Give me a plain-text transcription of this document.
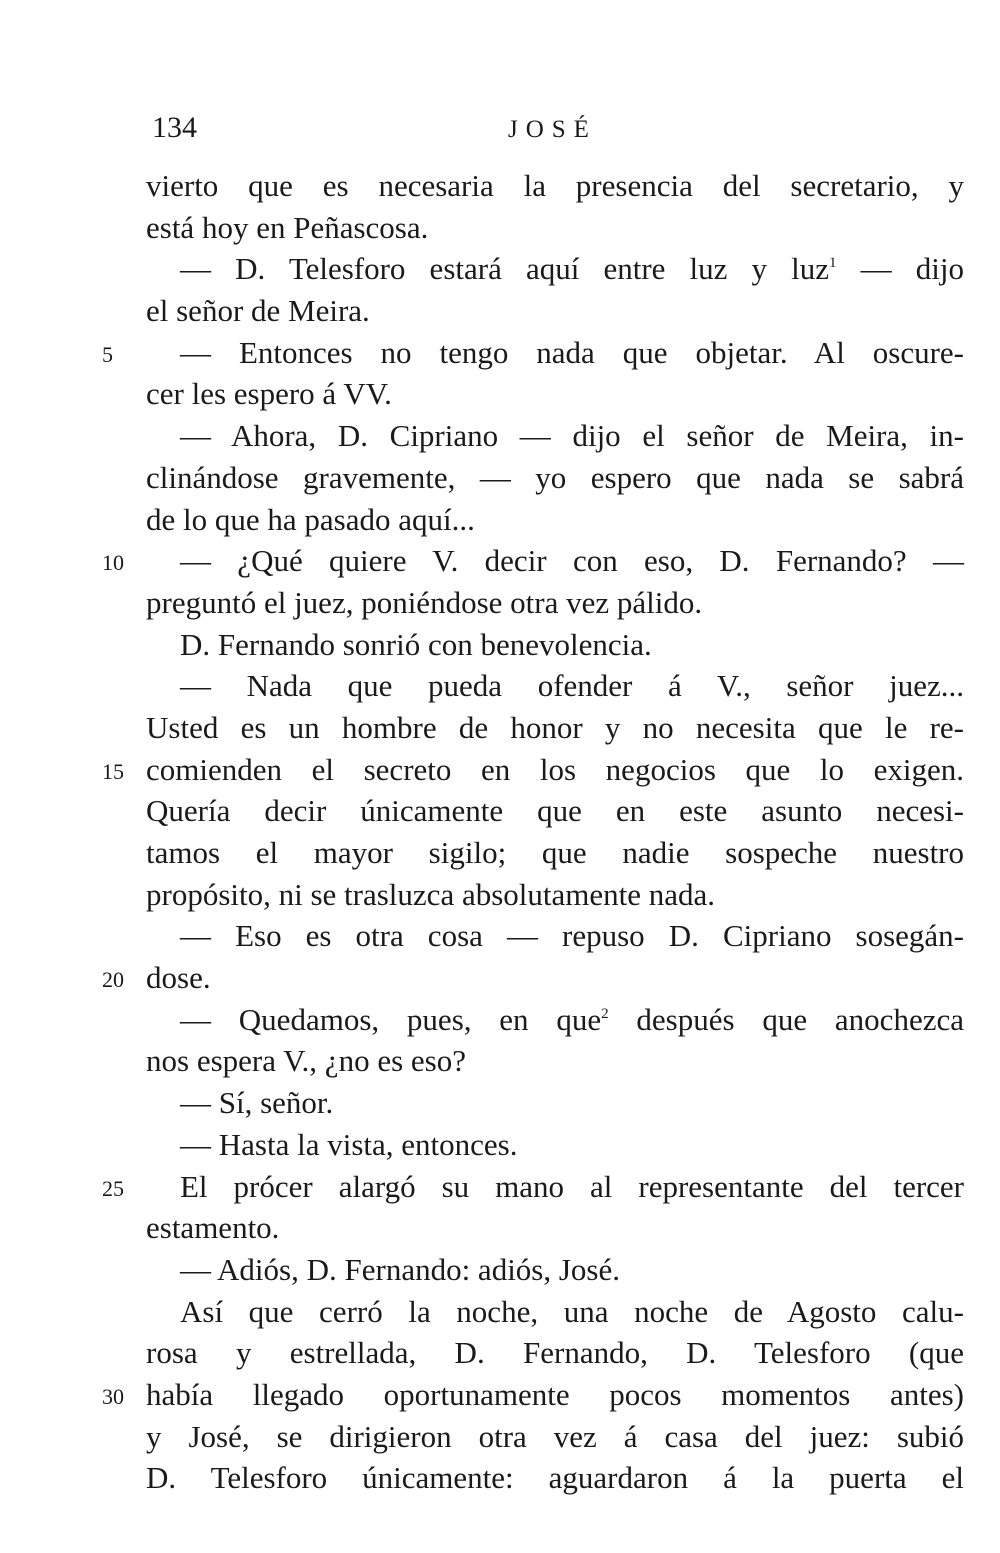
134	JOSÉ
vierto que es necesaria la presencia del secretario, y
está hoy en Peñascosa.
— D. Telesforo estará aquí entre luz y luz$^1$ — dijo
el señor de Meira.
5	— Entonces no tengo nada que objetar. Al oscure-
cer les espero á VV.
— Ahora, D. Cipriano — dijo el señor de Meira, in-
clinándose gravemente, — yo espero que nada se sabrá
de lo que ha pasado aquí...
10	— ¿Qué quiere V. decir con eso, D. Fernando? —
preguntó el juez, poniéndose otra vez pálido.
D. Fernando sonrió con benevolencia.
— Nada que pueda ofender á V., señor juez...
Usted es un hombre de honor y no necesita que le re-
15 comienden el secreto en los negocios que lo exigen.
Quería decir únicamente que en este asunto necesi-
tamos el mayor sigilo; que nadie sospeche nuestro
propósito, ni se trasluzca absolutamente nada.
— Eso es otra cosa — repuso D. Cipriano sosegán-
20 dose.
— Quedamos, pues, en que$^2$ después que anochezca
nos espera V., ¿no es eso?
— Sí, señor.
— Hasta la vista, entonces.
25	El prócer alargó su mano al representante del tercer
estamento.
— Adiós, D. Fernando: adiós, José.
Así que cerró la noche, una noche de Agosto calu-
rosa y estrellada, D. Fernando, D. Telesforo (que
30 había llegado oportunamente pocos momentos antes)
y José, se dirigieron otra vez á casa del juez: subió
D. Telesforo únicamente: aguardaron á la puerta el
